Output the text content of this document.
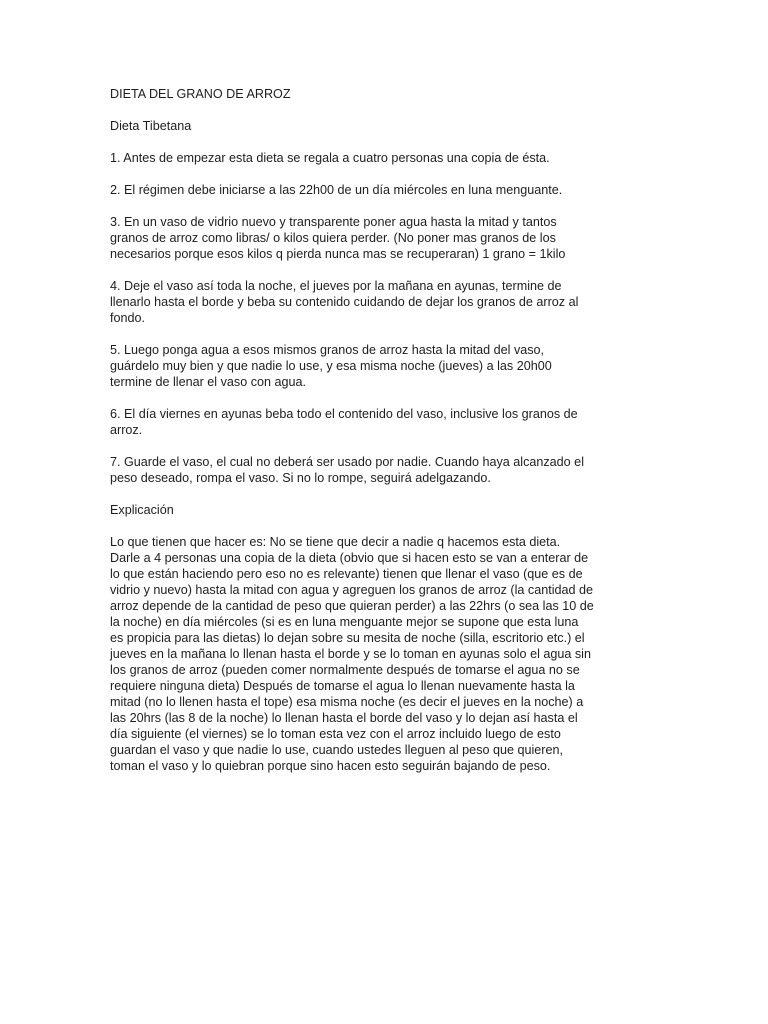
DIETA DEL GRANO DE ARROZ
Dieta Tibetana
1. Antes de empezar esta dieta se regala a cuatro personas una copia de ésta.
2. El régimen debe iniciarse a las 22h00 de un día miércoles en luna menguante.
3. En un vaso de vidrio nuevo y transparente poner agua hasta la mitad y tantos
granos de arroz como libras/ o kilos quiera perder. (No poner mas granos de los
necesarios porque esos kilos q pierda nunca mas se recuperaran) 1 grano = 1kilo
4. Deje el vaso así toda la noche, el jueves por la mañana en ayunas, termine de
llenarlo hasta el borde y beba su contenido cuidando de dejar los granos de arroz al
fondo.
5. Luego ponga agua a esos mismos granos de arroz hasta la mitad del vaso,
guárdelo muy bien y que nadie lo use, y esa misma noche (jueves) a las 20h00
termine de llenar el vaso con agua.
6. El día viernes en ayunas beba todo el contenido del vaso, inclusive los granos de
arroz.
7. Guarde el vaso, el cual no deberá ser usado por nadie. Cuando haya alcanzado el
peso deseado, rompa el vaso. Si no lo rompe, seguirá adelgazando.
Explicación
Lo que tienen que hacer es: No se tiene que decir a nadie q hacemos esta dieta.
Darle a 4 personas una copia de la dieta (obvio que si hacen esto se van a enterar de
lo que están haciendo pero eso no es relevante) tienen que llenar el vaso (que es de
vidrio y nuevo) hasta la mitad con agua y agreguen los granos de arroz (la cantidad de
arroz depende de la cantidad de peso que quieran perder) a las 22hrs (o sea las 10 de
la noche) en día miércoles (si es en luna menguante mejor se supone que esta luna
es propicia para las dietas) lo dejan sobre su mesita de noche (silla, escritorio etc.) el
jueves en la mañana lo llenan hasta el borde y se lo toman en ayunas solo el agua sin
los granos de arroz (pueden comer normalmente después de tomarse el agua no se
requiere ninguna dieta) Después de tomarse el agua lo llenan nuevamente hasta la
mitad (no lo llenen hasta el tope) esa misma noche (es decir el jueves en la noche) a
las 20hrs (las 8 de la noche) lo llenan hasta el borde del vaso y lo dejan así hasta el
día siguiente (el viernes) se lo toman esta vez con el arroz incluido luego de esto
guardan el vaso y que nadie lo use, cuando ustedes lleguen al peso que quieren,
toman el vaso y lo quiebran porque sino hacen esto seguirán bajando de peso.
